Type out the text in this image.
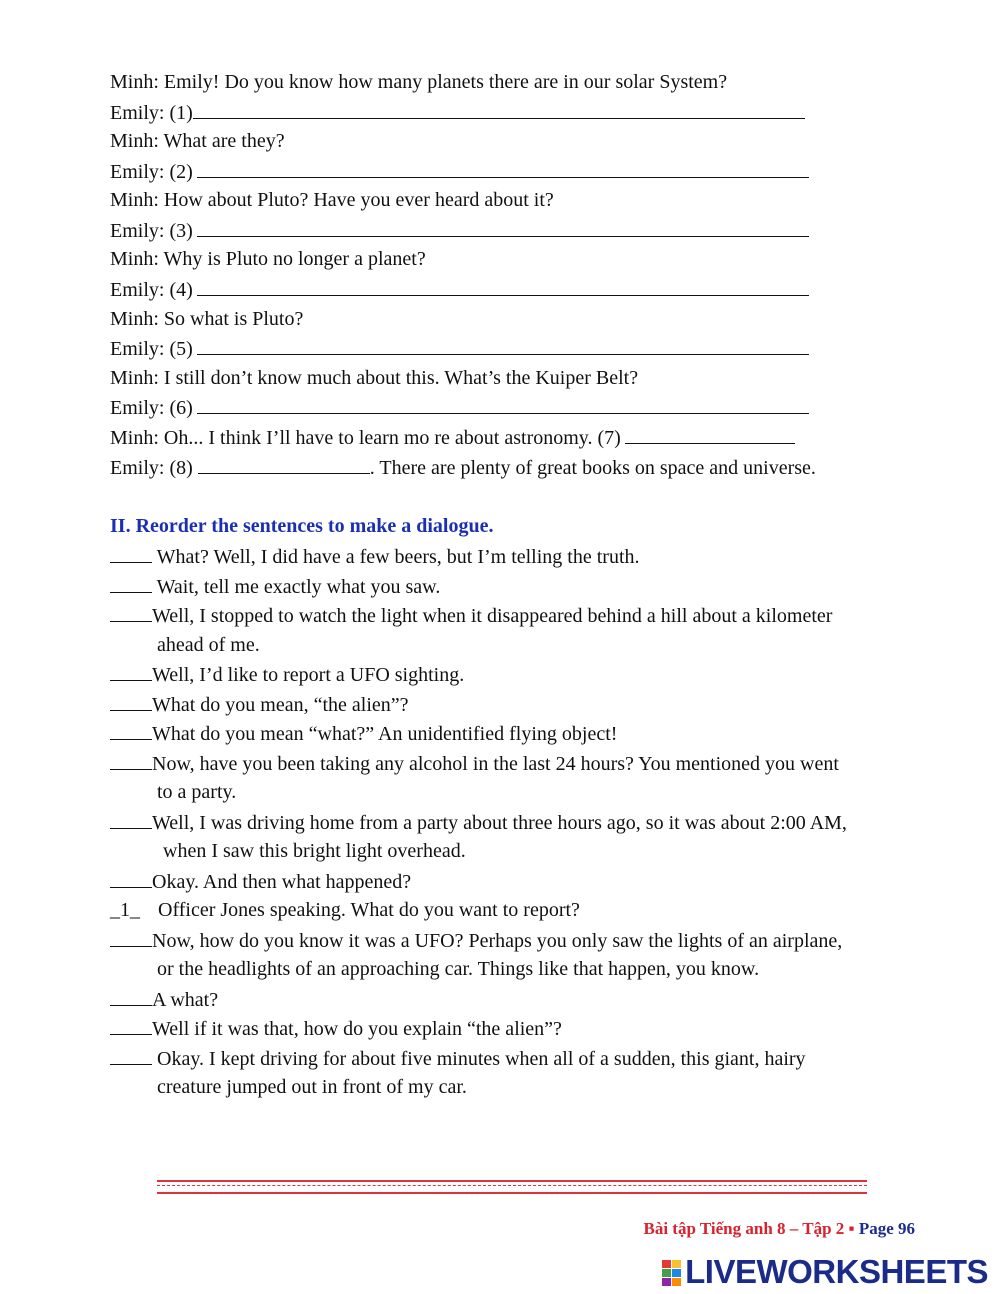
Minh: Emily! Do you know how many planets there are in our solar System?

Emily: (1)

Minh: What are they?

Emily: (2)

Minh: How about Pluto? Have you ever heard about it?

Emily: (3)

Minh: Why is Pluto no longer a planet?

Emily: (4)

Minh: So what is Pluto?

Emily: (5)

Minh: I still don’t know much about this. What’s the Kuiper Belt?

Emily: (6)

Minh: Oh... I think I’ll have to learn mo re about astronomy. (7)

Emily: (8)	. There are plenty of great books on space and universe.

II. Reorder the sentences to make a dialogue.

What? Well, I did have a few beers, but I’m telling the truth.

Wait, tell me exactly what you saw.

Well, I stopped to watch the light when it disappeared behind a hill about a kilometer

ahead of me.

Well, I’d like to report a UFO sighting.

What do you mean, “the alien”?

What do you mean “what?” An unidentified flying object!

Now, have you been taking any alcohol in the last 24 hours? You mentioned you went

to a party.

Well, I was driving home from a party about three hours ago, so it was about 2:00 AM,

when I saw this bright light overhead.

Okay. And then what happened?

_1_ Officer Jones speaking. What do you want to report?

Now, how do you know it was a UFO? Perhaps you only saw the lights of an airplane,

or the headlights of an approaching car. Things like that happen, you know.

A what?

Well if it was that, how do you explain “the alien”?

Okay. I kept driving for about five minutes when all of a sudden, this giant, hairy

creature jumped out in front of my car.

Bài tập Tiếng anh 8 – Tập 2 ▪ Page 96
LIVEWORKSHEETS
